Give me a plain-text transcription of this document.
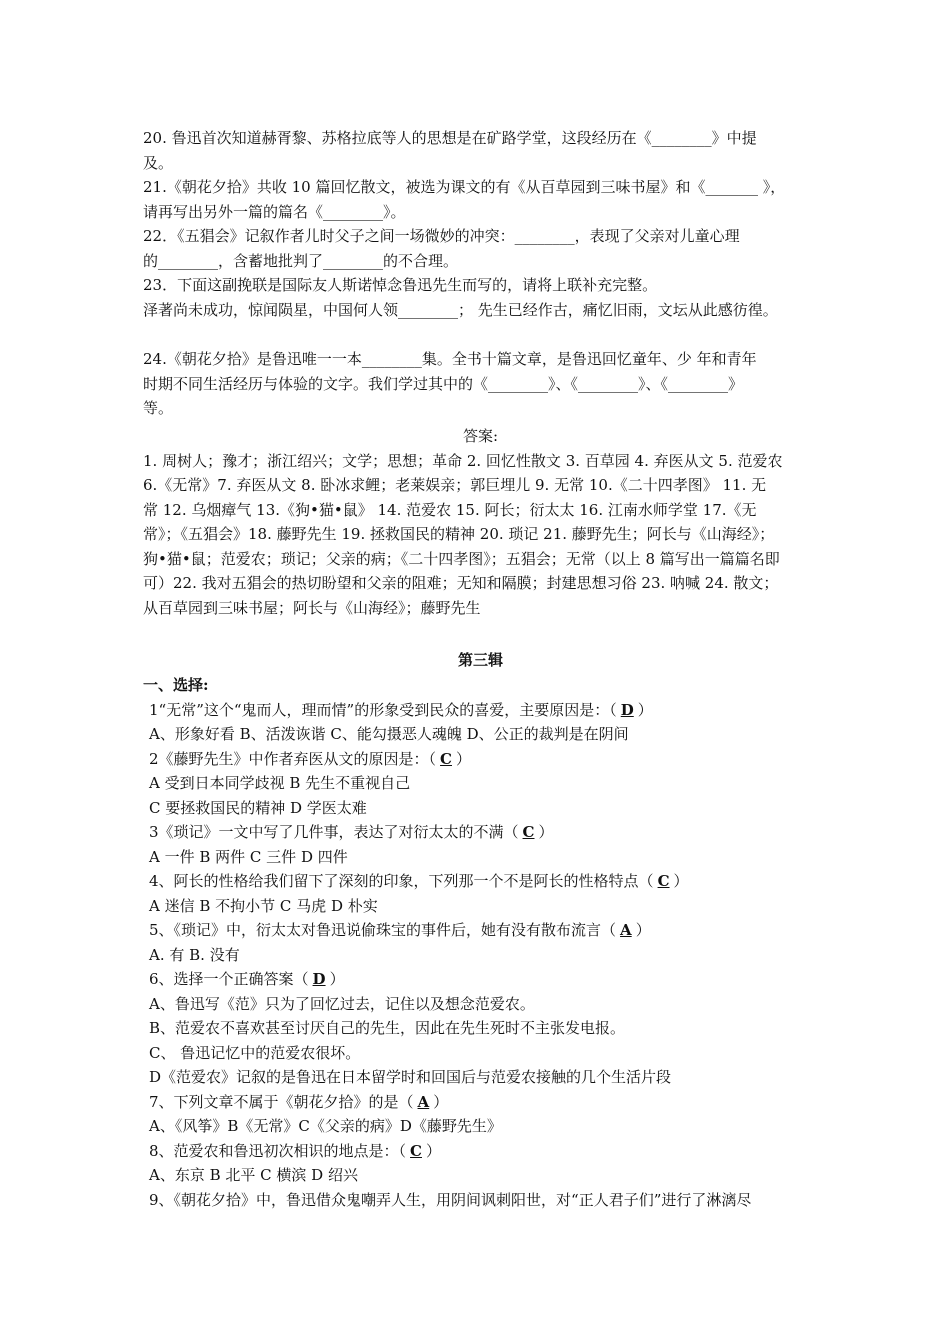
20. 鲁迅首次知道赫胥黎、苏格拉底等人的思想是在矿路学堂，这段经历在《________》中提
及。
21.《朝花夕拾》共收 10 篇回忆散文，被选为课文的有《从百草园到三味书屋》和《_______ 》，
请再写出另外一篇的篇名《________》。
22．《五猖会》记叙作者儿时父子之间一场微妙的冲突：________，表现了父亲对儿童心理
的________，含蓄地批判了________的不合理。
23．下面这副挽联是国际友人斯诺悼念鲁迅先生而写的，请将上联补充完整。
泽著尚未成功，惊闻陨星，中国何人领________； 先生已经作古，痛忆旧雨，文坛从此感彷徨。
24.《朝花夕拾》是鲁迅唯一一本________集。全书十篇文章，是鲁迅回忆童年、少 年和青年
时期不同生活经历与体验的文字。我们学过其中的《________》、《________》、《________》
等。
答案:
1. 周树人；豫才；浙江绍兴；文学；思想；革命 2. 回忆性散文 3. 百草园 4. 弃医从文 5. 范爱农
6.《无常》7. 弃医从文 8. 卧冰求鲤；老莱娱亲；郭巨埋儿 9. 无常 10.《二十四孝图》 11. 无
常 12. 乌烟瘴气 13.《狗•猫•鼠》 14. 范爱农 15. 阿长；衍太太 16. 江南水师学堂 17.《无
常》；《五猖会》18. 藤野先生 19. 拯救国民的精神 20. 琐记 21. 藤野先生；阿长与《山海经》；
狗•猫•鼠；范爱农；琐记；父亲的病；《二十四孝图》；五猖会；无常（以上 8 篇写出一篇篇名即
可）22. 我对五猖会的热切盼望和父亲的阻难；无知和隔膜；封建思想习俗 23. 呐喊 24. 散文；
从百草园到三味书屋；阿长与《山海经》；藤野先生
第三辑
一、选择:
1“无常”这个“鬼而人，理而情”的形象受到民众的喜爱，主要原因是：（ D ）
A、形象好看 B、活泼诙谐 C、能勾摄恶人魂魄 D、公正的裁判是在阴间
2《藤野先生》中作者弃医从文的原因是：（ C ）
A 受到日本同学歧视 B 先生不重视自己
C 要拯救国民的精神 D 学医太难
3《琐记》一文中写了几件事，表达了对衍太太的不满（ C ）
A 一件 B 两件 C 三件 D 四件
4、阿长的性格给我们留下了深刻的印象，下列那一个不是阿长的性格特点（ C ）
A 迷信 B 不拘小节 C 马虎 D 朴实
5、《琐记》中，衍太太对鲁迅说偷珠宝的事件后，她有没有散布流言（ A ）
A. 有 B. 没有
6、选择一个正确答案（ D ）
A、鲁迅写《范》只为了回忆过去，记住以及想念范爱农。
B、范爱农不喜欢甚至讨厌自己的先生，因此在先生死时不主张发电报。
C、 鲁迅记忆中的范爱农很坏。
D《范爱农》记叙的是鲁迅在日本留学时和回国后与范爱农接触的几个生活片段
7、下列文章不属于《朝花夕拾》的是（ A ）
A、《风筝》B《无常》C《父亲的病》D《藤野先生》
8、范爱农和鲁迅初次相识的地点是：（ C ）
A、东京 B 北平 C 横滨 D 绍兴
9、《朝花夕拾》中，鲁迅借众鬼嘲弄人生，用阴间讽刺阳世，对“正人君子们”进行了淋漓尽
